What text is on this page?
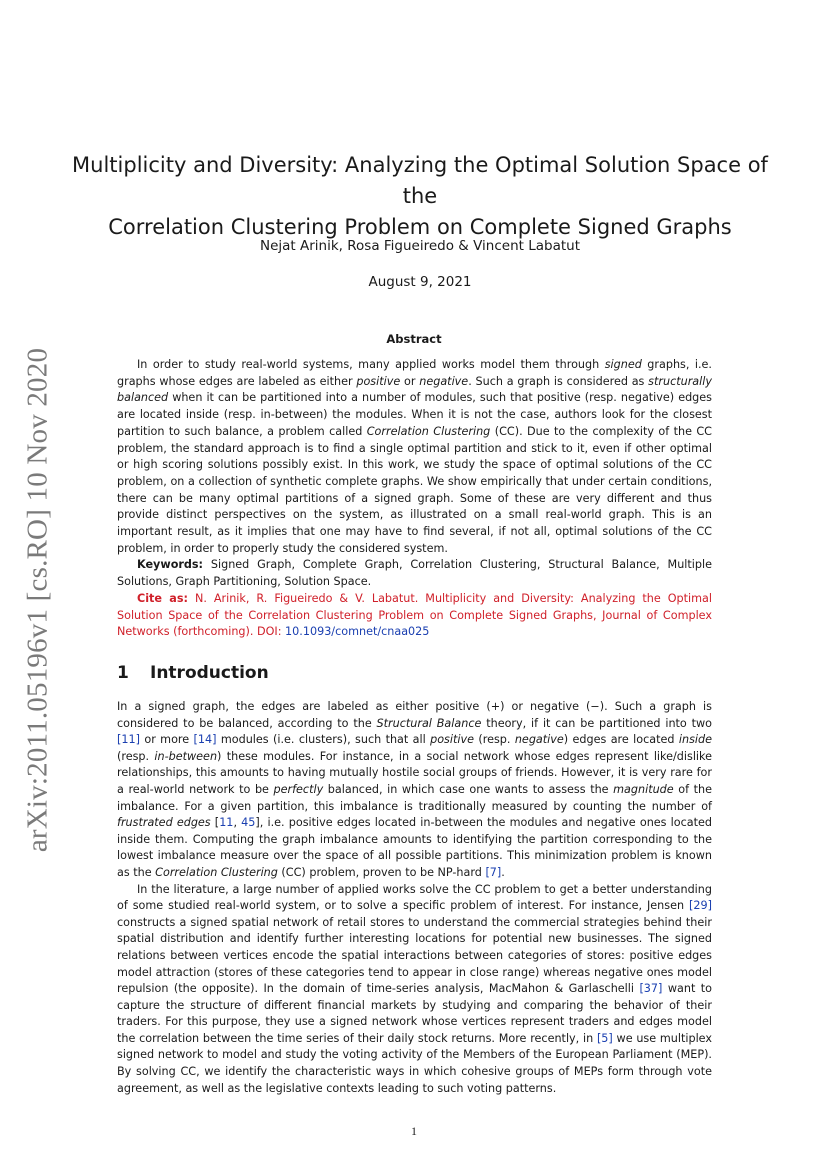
arXiv:2011.05196v1 [cs.RO] 10 Nov 2020
Multiplicity and Diversity: Analyzing the Optimal Solution Space of the
Correlation Clustering Problem on Complete Signed Graphs
Nejat Arinik, Rosa Figueiredo & Vincent Labatut
August 9, 2021
Abstract

In order to study real-world systems, many applied works model them through signed graphs, i.e. graphs whose edges are labeled as either positive or negative. Such a graph is considered as structurally balanced when it can be partitioned into a number of modules, such that positive (resp. negative) edges are located inside (resp. in-between) the modules. When it is not the case, authors look for the closest partition to such balance, a problem called Correlation Clustering (CC). Due to the complexity of the CC problem, the standard approach is to find a single optimal partition and stick to it, even if other optimal or high scoring solutions possibly exist. In this work, we study the space of optimal solutions of the CC problem, on a collection of synthetic complete graphs. We show empirically that under certain conditions, there can be many optimal partitions of a signed graph. Some of these are very different and thus provide distinct perspectives on the system, as illustrated on a small real-world graph. This is an important result, as it implies that one may have to find several, if not all, optimal solutions of the CC problem, in order to properly study the considered system.

Keywords: Signed Graph, Complete Graph, Correlation Clustering, Structural Balance, Multiple Solutions, Graph Partitioning, Solution Space.

Cite as: N. Arinik, R. Figueiredo & V. Labatut. Multiplicity and Diversity: Analyzing the Optimal Solution Space of the Correlation Clustering Problem on Complete Signed Graphs, Journal of Complex Networks (forthcoming). DOI: 10.1093/comnet/cnaa025

1 Introduction

In a signed graph, the edges are labeled as either positive (+) or negative (−). Such a graph is considered to be balanced, according to the Structural Balance theory, if it can be partitioned into two [11] or more [14] modules (i.e. clusters), such that all positive (resp. negative) edges are located inside (resp. in-between) these modules. For instance, in a social network whose edges represent like/dislike relationships, this amounts to having mutually hostile social groups of friends. However, it is very rare for a real-world network to be perfectly balanced, in which case one wants to assess the magnitude of the imbalance. For a given partition, this imbalance is traditionally measured by counting the number of frustrated edges [11, 45], i.e. positive edges located in-between the modules and negative ones located inside them. Computing the graph imbalance amounts to identifying the partition corresponding to the lowest imbalance measure over the space of all possible partitions. This minimization problem is known as the Correlation Clustering (CC) problem, proven to be NP-hard [7].

In the literature, a large number of applied works solve the CC problem to get a better understanding of some studied real-world system, or to solve a specific problem of interest. For instance, Jensen [29] constructs a signed spatial network of retail stores to understand the commercial strategies behind their spatial distribution and identify further interesting locations for potential new businesses. The signed relations between vertices encode the spatial interactions between categories of stores: positive edges model attraction (stores of these categories tend to appear in close range) whereas negative ones model repulsion (the opposite). In the domain of time-series analysis, MacMahon & Garlaschelli [37] want to capture the structure of different financial markets by studying and comparing the behavior of their traders. For this purpose, they use a signed network whose vertices represent traders and edges model the correlation between the time series of their daily stock returns. More recently, in [5] we use multiplex signed network to model and study the voting activity of the Members of the European Parliament (MEP). By solving CC, we identify the characteristic ways in which cohesive groups of MEPs form through vote agreement, as well as the legislative contexts leading to such voting patterns.

1
